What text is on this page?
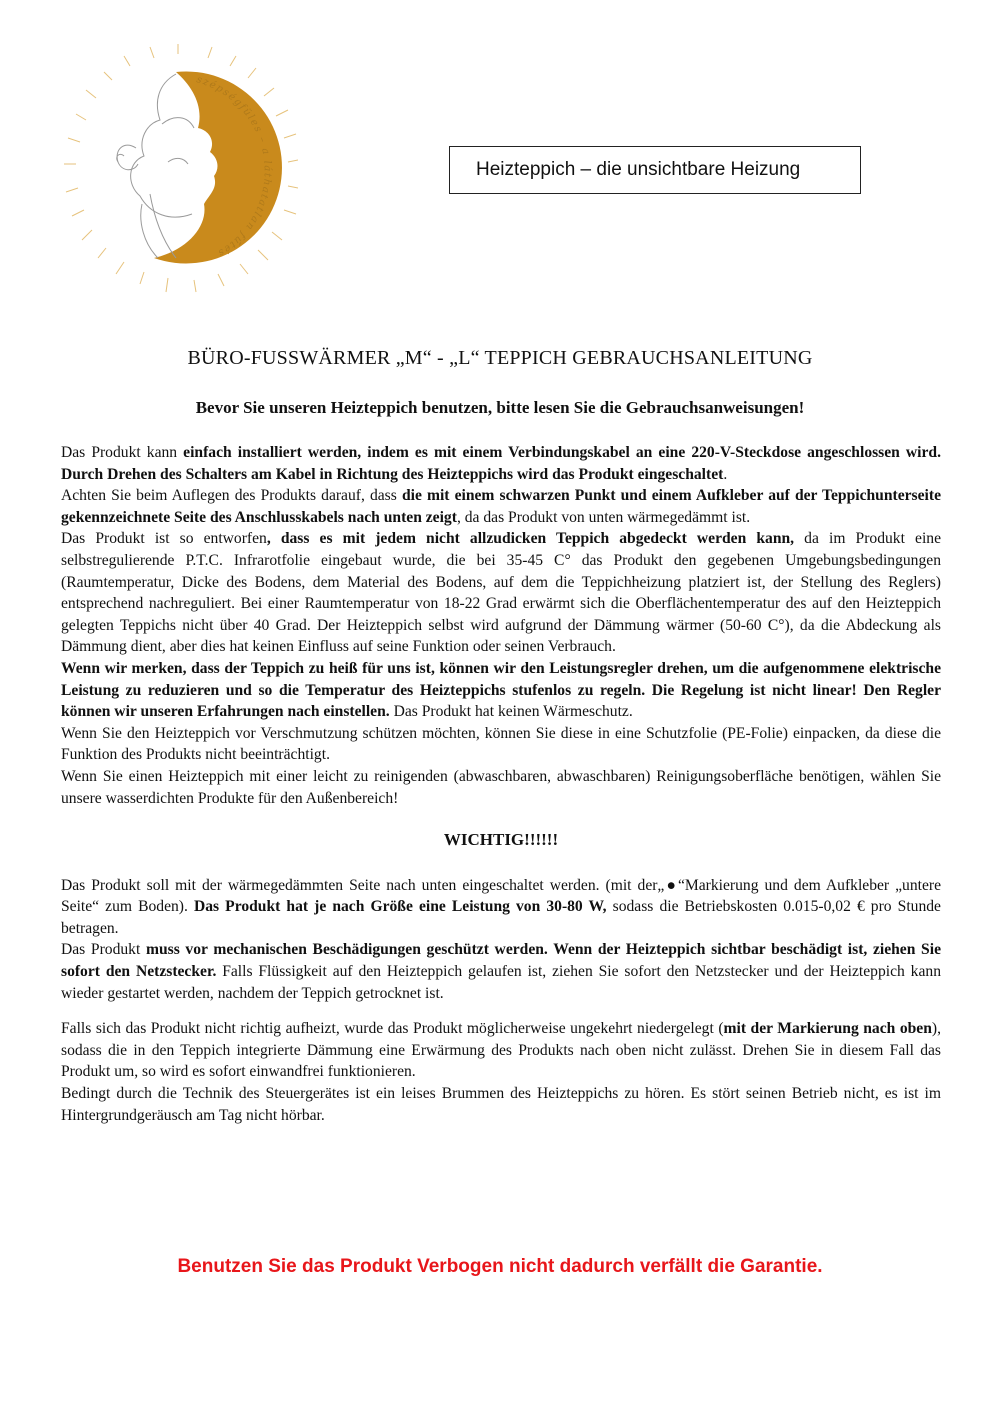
szépségfüles – a láthatatlan fűtés
Heizteppich – die unsichtbare Heizung
BÜRO-FUSSWÄRMER „M“ - „L“ TEPPICH GEBRAUCHSANLEITUNG
Bevor Sie unseren Heizteppich benutzen, bitte lesen Sie die Gebrauchsanweisungen!

Das Produkt kann einfach installiert werden, indem es mit einem Verbindungskabel an eine 220-V-Steckdose angeschlossen wird. Durch Drehen des Schalters am Kabel in Richtung des Heizteppichs wird das Produkt eingeschaltet.

Achten Sie beim Auflegen des Produkts darauf, dass die mit einem schwarzen Punkt und einem Aufkleber auf der Teppichunterseite gekennzeichnete Seite des Anschlusskabels nach unten zeigt, da das Produkt von unten wärmegedämmt ist.

Das Produkt ist so entworfen, dass es mit jedem nicht allzudicken Teppich abgedeckt werden kann, da im Produkt eine selbstregulierende P.T.C. Infrarotfolie eingebaut wurde, die bei 35-45 C° das Produkt den gegebenen Umgebungsbedingungen (Raumtemperatur, Dicke des Bodens, dem Material des Bodens, auf dem die Teppichheizung platziert ist, der Stellung des Reglers) entsprechend nachreguliert. Bei einer Raumtemperatur von 18-22 Grad erwärmt sich die Oberflächentemperatur des auf den Heizteppich gelegten Teppichs nicht über 40 Grad. Der Heizteppich selbst wird aufgrund der Dämmung wärmer (50-60 C°), da die Abdeckung als Dämmung dient, aber dies hat keinen Einfluss auf seine Funktion oder seinen Verbrauch.

Wenn wir merken, dass der Teppich zu heiß für uns ist, können wir den Leistungsregler drehen, um die aufgenommene elektrische Leistung zu reduzieren und so die Temperatur des Heizteppichs stufenlos zu regeln. Die Regelung ist nicht linear! Den Regler können wir unseren Erfahrungen nach einstellen. Das Produkt hat keinen Wärmeschutz.

Wenn Sie den Heizteppich vor Verschmutzung schützen möchten, können Sie diese in eine Schutzfolie (PE-Folie) einpacken, da diese die Funktion des Produkts nicht beeinträchtigt.

Wenn Sie einen Heizteppich mit einer leicht zu reinigenden (abwaschbaren, abwaschbaren) Reinigungsoberfläche benötigen, wählen Sie unsere wasserdichten Produkte für den Außenbereich!

WICHTIG!!!!!!

Das Produkt soll mit der wärmegedämmten Seite nach unten eingeschaltet werden. (mit der„●“Markierung und dem Aufkleber „untere Seite“ zum Boden). Das Produkt hat je nach Größe eine Leistung von 30-80 W, sodass die Betriebskosten 0.015-0,02 € pro Stunde betragen.

Das Produkt muss vor mechanischen Beschädigungen geschützt werden. Wenn der Heizteppich sichtbar beschädigt ist, ziehen Sie sofort den Netzstecker. Falls Flüssigkeit auf den Heizteppich gelaufen ist, ziehen Sie sofort den Netzstecker und der Heizteppich kann wieder gestartet werden, nachdem der Teppich getrocknet ist.

Falls sich das Produkt nicht richtig aufheizt, wurde das Produkt möglicherweise ungekehrt niedergelegt (mit der Markierung nach oben), sodass die in den Teppich integrierte Dämmung eine Erwärmung des Produkts nach oben nicht zulässt. Drehen Sie in diesem Fall das Produkt um, so wird es sofort einwandfrei funktionieren.

Bedingt durch die Technik des Steuergerätes ist ein leises Brummen des Heizteppichs zu hören. Es stört seinen Betrieb nicht, es ist im Hintergrundgeräusch am Tag nicht hörbar.

Benutzen Sie das Produkt Verbogen nicht dadurch verfällt die Garantie.
